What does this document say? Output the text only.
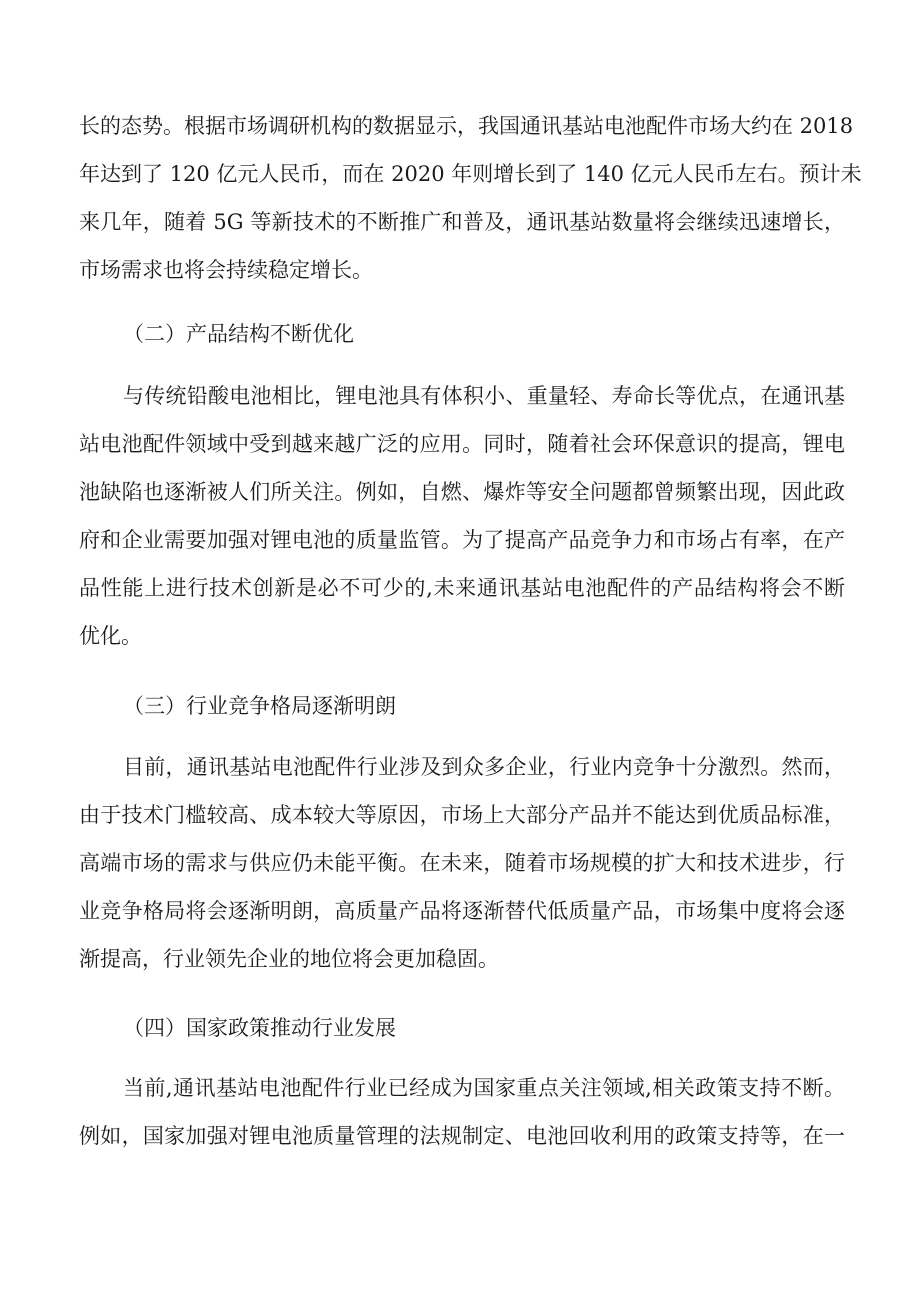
长的态势。根据市场调研机构的数据显示，我国通讯基站电池配件市场大约在 2018
年达到了 120 亿元人民币，而在 2020 年则增长到了 140 亿元人民币左右。预计未
来几年，随着 5G 等新技术的不断推广和普及，通讯基站数量将会继续迅速增长，
市场需求也将会持续稳定增长。
（二）产品结构不断优化
与传统铅酸电池相比，锂电池具有体积小、重量轻、寿命长等优点，在通讯基
站电池配件领域中受到越来越广泛的应用。同时，随着社会环保意识的提高，锂电
池缺陷也逐渐被人们所关注。例如，自燃、爆炸等安全问题都曾频繁出现，因此政
府和企业需要加强对锂电池的质量监管。为了提高产品竞争力和市场占有率，在产
品性能上进行技术创新是必不可少的,未来通讯基站电池配件的产品结构将会不断
优化。
（三）行业竞争格局逐渐明朗
目前，通讯基站电池配件行业涉及到众多企业，行业内竞争十分激烈。然而，
由于技术门槛较高、成本较大等原因，市场上大部分产品并不能达到优质品标准，
高端市场的需求与供应仍未能平衡。在未来，随着市场规模的扩大和技术进步，行
业竞争格局将会逐渐明朗，高质量产品将逐渐替代低质量产品，市场集中度将会逐
渐提高，行业领先企业的地位将会更加稳固。
（四）国家政策推动行业发展
当前,通讯基站电池配件行业已经成为国家重点关注领域,相关政策支持不断。
例如，国家加强对锂电池质量管理的法规制定、电池回收利用的政策支持等，在一
